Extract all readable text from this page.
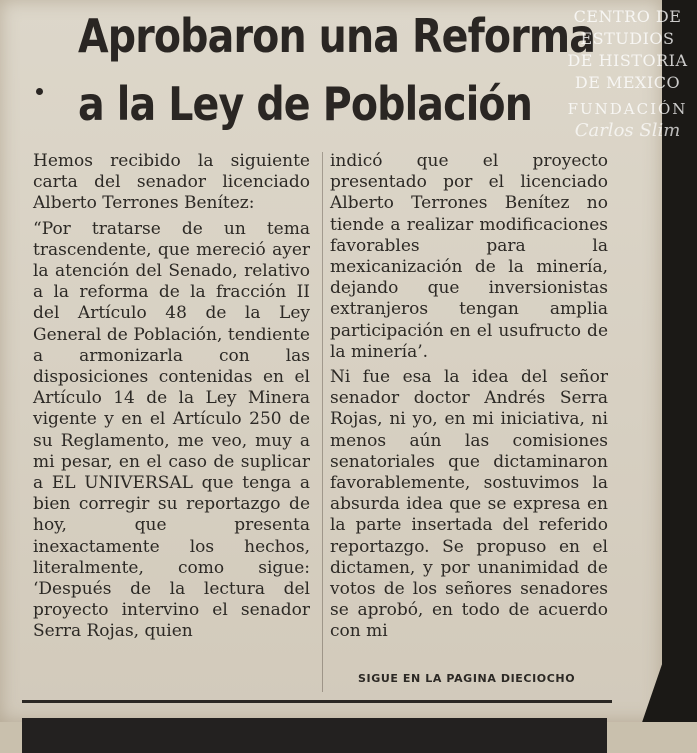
Aprobaron una Reforma
a la Ley de Población

Hemos recibido la siguiente carta del senador licenciado Alberto Terrones Benítez:

“Por tratarse de un tema trascendente, que mereció ayer la atención del Senado, relativo a la reforma de la fracción II del Artículo 48 de la Ley General de Población, tendiente a armonizarla con las disposiciones contenidas en el Artículo 14 de la Ley Minera vigente y en el Artículo 250 de su Reglamento, me veo, muy a mi pesar, en el caso de suplicar a EL UNIVERSAL que tenga a bien corregir su reportazgo de hoy, que presenta inexactamente los hechos, literalmente, como sigue: ‘Después de la lectura del proyecto intervino el senador Serra Rojas, quien

indicó que el proyecto presentado por el licenciado Alberto Terrones Benítez no tiende a realizar modificaciones favorables para la mexicanización de la minería, dejando que inversionistas extranjeros tengan amplia participación en el usufructo de la minería’.

Ni fue esa la idea del señor senador doctor Andrés Serra Rojas, ni yo, en mi iniciativa, ni menos aún las comisiones senatoriales que dictaminaron favorablemente, sostuvimos la absurda idea que se expresa en la parte insertada del referido reportazgo. Se propuso en el dictamen, y por unanimidad de votos de los señores senadores se aprobó, en todo de acuerdo con mi

SIGUE EN LA PAGINA DIECIOCHO
CENTRO DE
ESTUDIOS
DE HISTORIA
DE MEXICO
FUNDACIÓN
Carlos Slim
